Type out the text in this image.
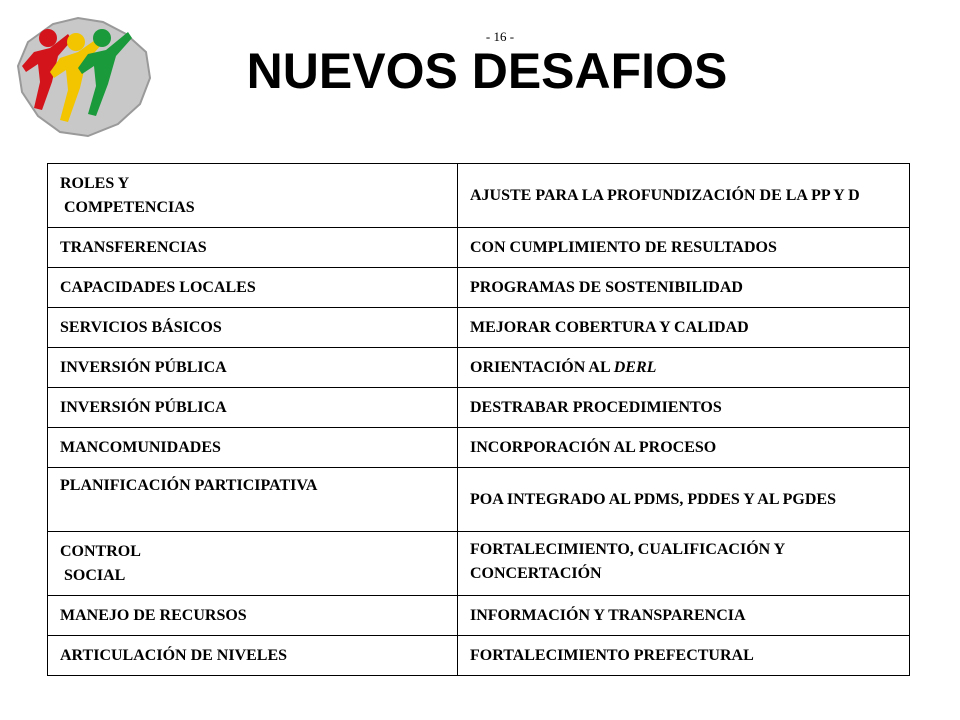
- 16 -
NUEVOS DESAFIOS
ROLES Y
COMPETENCIAS	AJUSTE PARA LA PROFUNDIZACIÓN DE LA PP Y D
TRANSFERENCIAS	CON CUMPLIMIENTO DE RESULTADOS
CAPACIDADES LOCALES	PROGRAMAS DE SOSTENIBILIDAD
SERVICIOS BÁSICOS	MEJORAR COBERTURA Y CALIDAD
INVERSIÓN PÚBLICA	ORIENTACIÓN AL DERL
INVERSIÓN PÚBLICA	DESTRABAR PROCEDIMIENTOS
MANCOMUNIDADES	INCORPORACIÓN AL PROCESO
PLANIFICACIÓN PARTICIPATIVA	POA INTEGRADO AL PDMS, PDDES Y AL PGDES

CONTROL
SOCIAL	FORTALECIMIENTO, CUALIFICACIÓN Y CONCERTACIÓN
MANEJO DE RECURSOS	INFORMACIÓN Y TRANSPARENCIA
ARTICULACIÓN DE NIVELES	FORTALECIMIENTO PREFECTURAL
